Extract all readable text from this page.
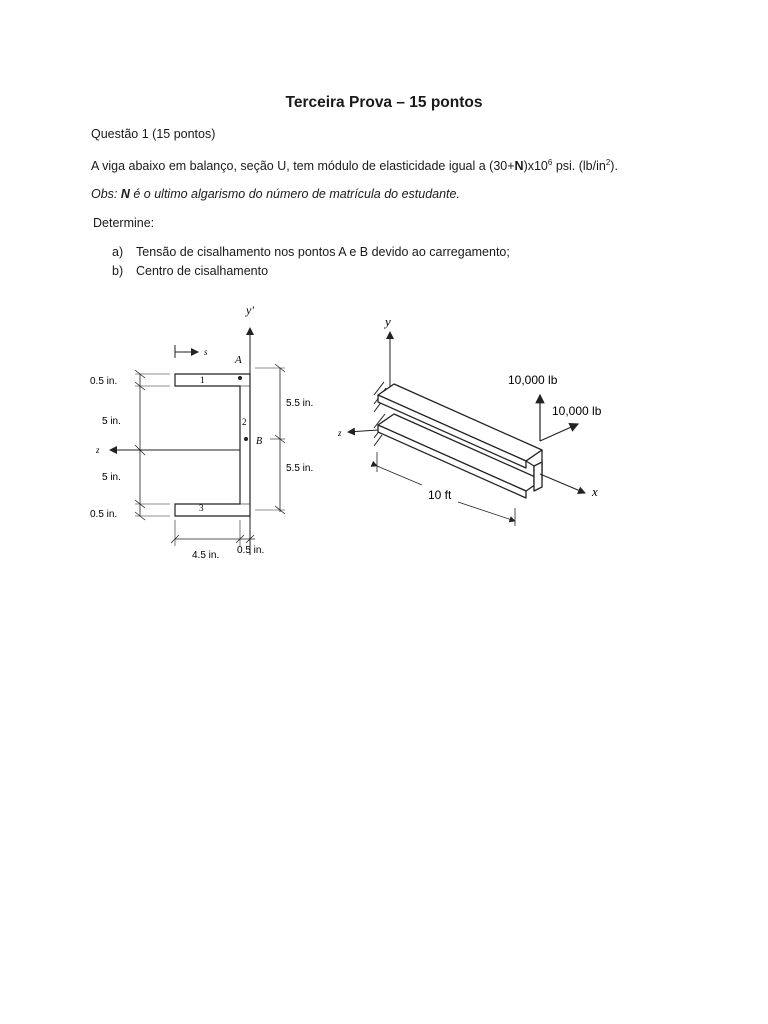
Terceira Prova – 15 pontos
Questão 1 (15 pontos)
A viga abaixo em balanço, seção U, tem módulo de elasticidade igual a $(30+N)x10^6$ psi. $(lb/in^2)$.
Obs: N é o ultimo algarismo do número de matrícula do estudante.
Determine:
a) Tensão de cisalhamento nos pontos A e B devido ao carregamento;
b) Centro de cisalhamento
y'
z
s
1
2
3
A
B
0.5 in.
5 in.
5 in.
0.5 in.
5.5 in.
5.5 in.
4.5 in. 0.5 in.
y
z
x
10,000 lb
10,000 lb
10 ft
